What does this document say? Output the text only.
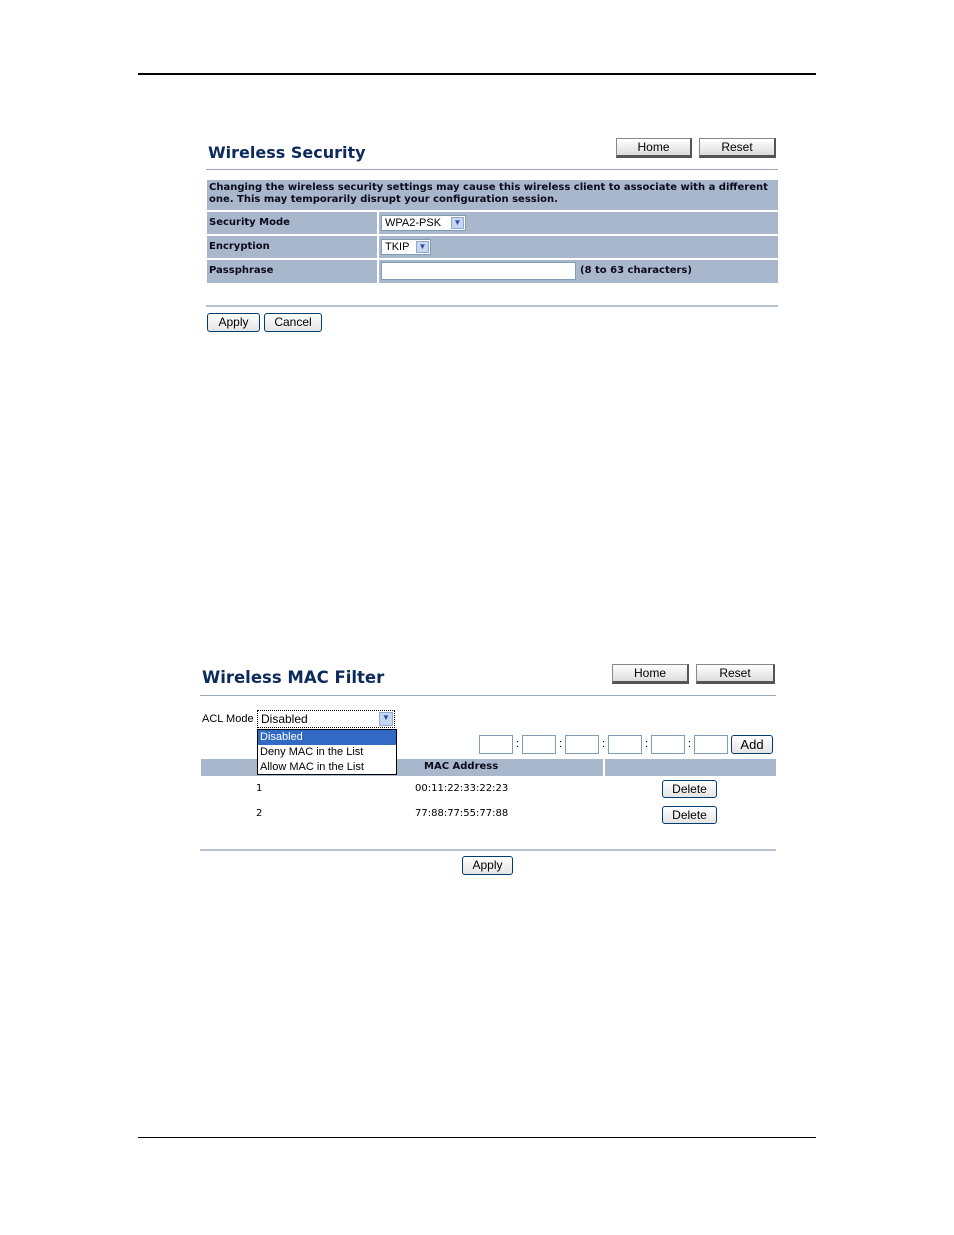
Wireless Security	Home	Reset
Changing the wireless security settings may cause this wireless client to associate with a different one. This may temporarily disrupt your configuration session.
Security Mode	WPA2-PSK	▼
Encryption	TKIP	▼
Passphrase	(8 to 63 characters)
Apply	Cancel
Wireless MAC Filter	Home	Reset
ACL Mode Disabled	▼
:	:	:	:	:	Add
MAC Address
1	00:11:22:33:22:23	Delete
2	77:88:77:55:77:88	Delete
Apply
Disabled
Deny MAC in the List
Allow MAC in the List
